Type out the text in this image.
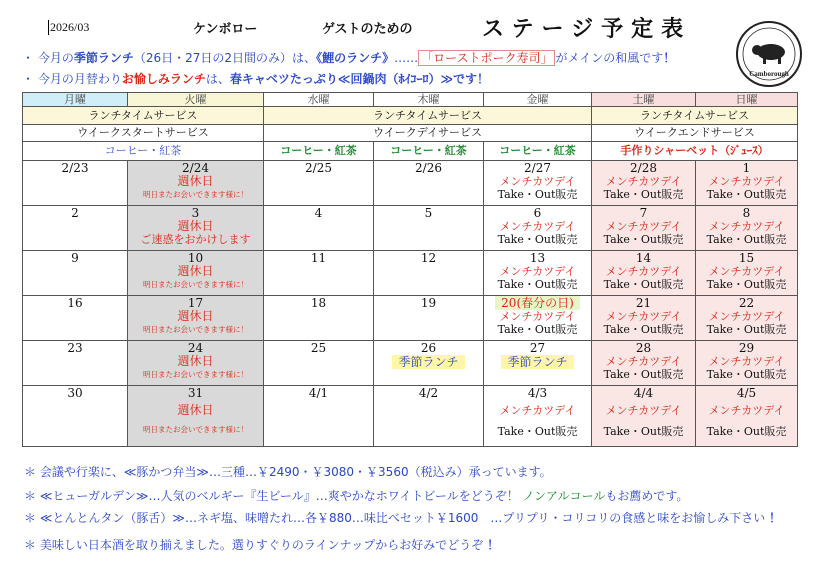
2026/03	ケンボロー	ゲストのための	ステージ予定表
Camborough
・ 今月の季節ランチ（26日・27日の2日間のみ）は、《鯉のランチ》…… 「ローストポーク寿司」 がメインの和風です！
・ 今月の月替わりお愉しみランチは、春キャベツたっぷり≪回鍋肉（ﾎｲｺｰﾛ）≫です！
月曜	火曜	水曜	木曜	金曜	土曜	日曜
ランチタイムサービス		ランチタイムサービス			ランチタイムサービス	
ウイークスタートサービス		ウイークデイサービス			ウイークエンドサービス	
コーヒー・紅茶		コーヒー・紅茶	コーヒー・紅茶	コーヒー・紅茶	手作りシャーベット（ｼﾞｭｰｽ）	

2/23	2/24
週休日
明日またお会いできます様に！	2/25	2/26	2/27
メンチカツデイ
Take・Out販売	2/28
メンチカツデイ
Take・Out販売	1
メンチカツデイ
Take・Out販売

2	3
週休日
ご速惑をおかけします	4	5	6
メンチカツデイ
Take・Out販売	7
メンチカツデイ
Take・Out販売	8
メンチカツデイ
Take・Out販売

9	10
週休日
明日またお会いできます様に！	11	12	13
メンチカツデイ
Take・Out販売	14
メンチカツデイ
Take・Out販売	15
メンチカツデイ
Take・Out販売

16	17
週休日
明日またお会いできます様に！	18	19	20(春分の日)
メンチカツデイ
Take・Out販売	21
メンチカツデイ
Take・Out販売	22
メンチカツデイ
Take・Out販売

23	24
週休日
明日またお会いできます様に！	25	26
季節ランチ	27
季節ランチ	28
メンチカツデイ
Take・Out販売	29
メンチカツデイ
Take・Out販売

30	31
週休日
明日またお会いできます様に！	4/1	4/2	4/3
メンチカツデイ
Take・Out販売	4/4
メンチカツデイ
Take・Out販売	4/5
メンチカツデイ
Take・Out販売
＊ 会議や行楽に、≪豚かつ弁当≫…三種…￥2490・￥3080・￥3560（税込み）承っています。
＊ ≪ヒューガルデン≫…人気のベルギー『生ビール』…爽やかなホワイトビールをどうぞ！ ノンアルコールもお薦めです。
＊ ≪とんとんタン（豚舌）≫…ネギ塩、味噌たれ…各￥880…味比べセット￥1600　…プリプリ・コリコリの食感と味をお愉しみ下さい ！
＊ 美味しい日本酒を取り揃えました。選りすぐりのラインナップからお好みでどうぞ ！
